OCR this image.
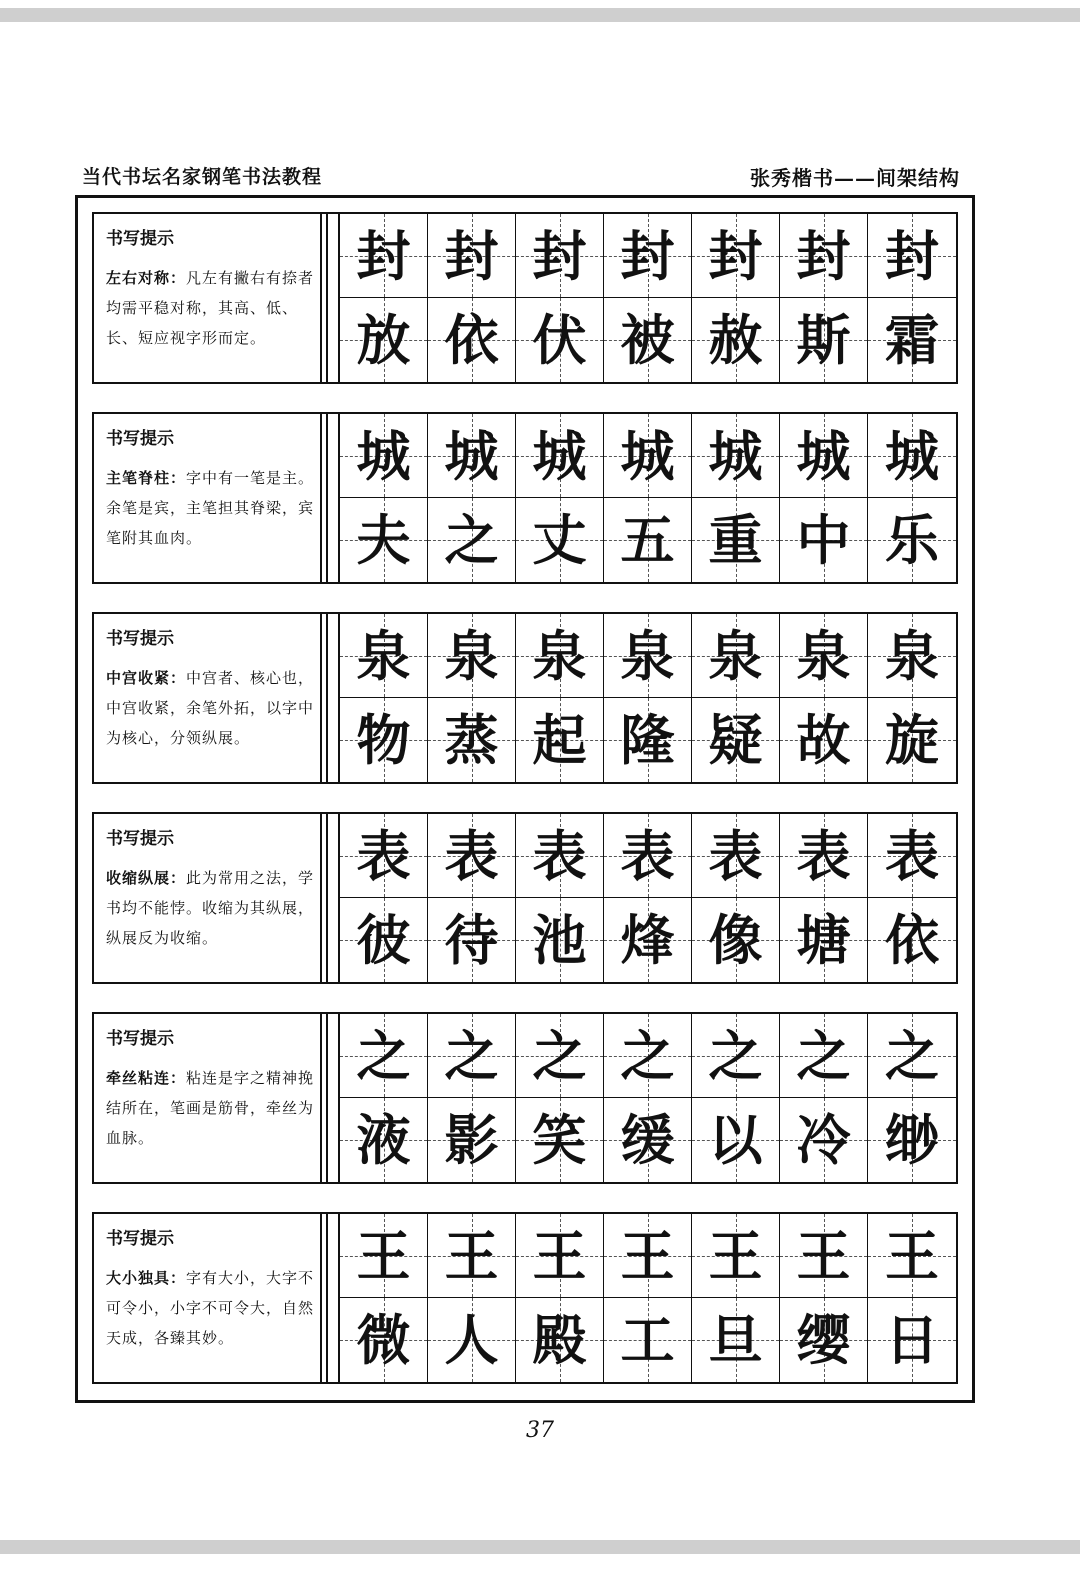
当代书坛名家钢笔书法教程	张秀楷书——间架结构
书写提示
左右对称：凡左有撇右有捺者均需平稳对称，其高、低、长、短应视字形而定。
封 封 封 封 封 封 封
放 依 伏 被 赦 斯 霜
书写提示
主笔脊柱：字中有一笔是主。余笔是宾，主笔担其脊梁，宾笔附其血肉。
城 城 城 城 城 城 城
夫 之 丈 五 重 中 乐
书写提示
中宫收紧：中宫者、核心也，中宫收紧，余笔外拓，以字中为核心，分领纵展。
泉 泉 泉 泉 泉 泉 泉
物 蒸 起 隆 疑 故 旋
书写提示
收缩纵展：此为常用之法，学书均不能悖。收缩为其纵展，纵展反为收缩。
表 表 表 表 表 表 表
彼 待 池 烽 像 塘 依
书写提示
牵丝粘连：粘连是字之精神挽结所在，笔画是筋骨，牵丝为血脉。
之 之 之 之 之 之 之
液 影 笑 缓 以 冷 缈
书写提示
大小独具：字有大小，大字不可令小，小字不可令大，自然天成，各臻其妙。
王 王 王 王 王 王 王
微 人 殿 工 旦 缨 日
37
